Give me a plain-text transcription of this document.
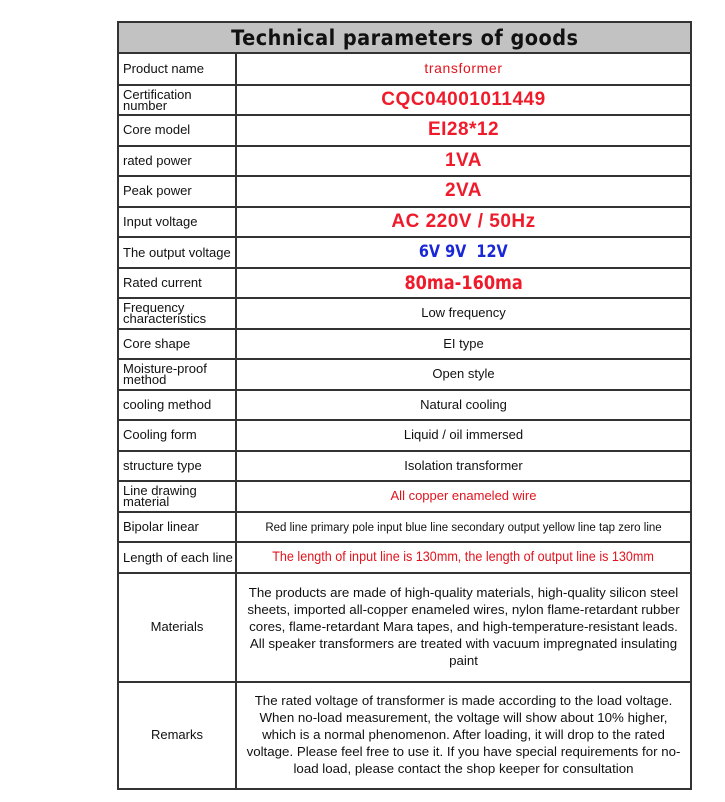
Technical parameters of goods
Product name	transformer
Certification number	CQC04001011449
Core model	EI28*12
rated power	1VA
Peak power	2VA
Input voltage	AC 220V / 50Hz
The output voltage	6V 9V  12V
Rated current	80ma-160ma
Frequency characteristics	Low frequency
Core shape	EI type
Moisture-proof method	Open style
cooling method	Natural cooling
Cooling form	Liquid / oil immersed
structure type	Isolation transformer
Line drawing material	All copper enameled wire
Bipolar linear	Red line primary pole input blue line secondary output yellow line tap zero line
Length of each line	The length of input line is 130mm, the length of output line is 130mm
Materials	The products are made of high-quality materials, high-quality silicon steel sheets, imported all-copper enameled wires, nylon flame-retardant rubber cores, flame-retardant Mara tapes, and high-temperature-resistant leads. All speaker transformers are treated with vacuum impregnated insulating paint
Remarks	The rated voltage of transformer is made according to the load voltage. When no-load measurement, the voltage will show about 10% higher, which is a normal phenomenon. After loading, it will drop to the rated voltage. Please feel free to use it. If you have special requirements for no-load load, please contact the shop keeper for consultation
